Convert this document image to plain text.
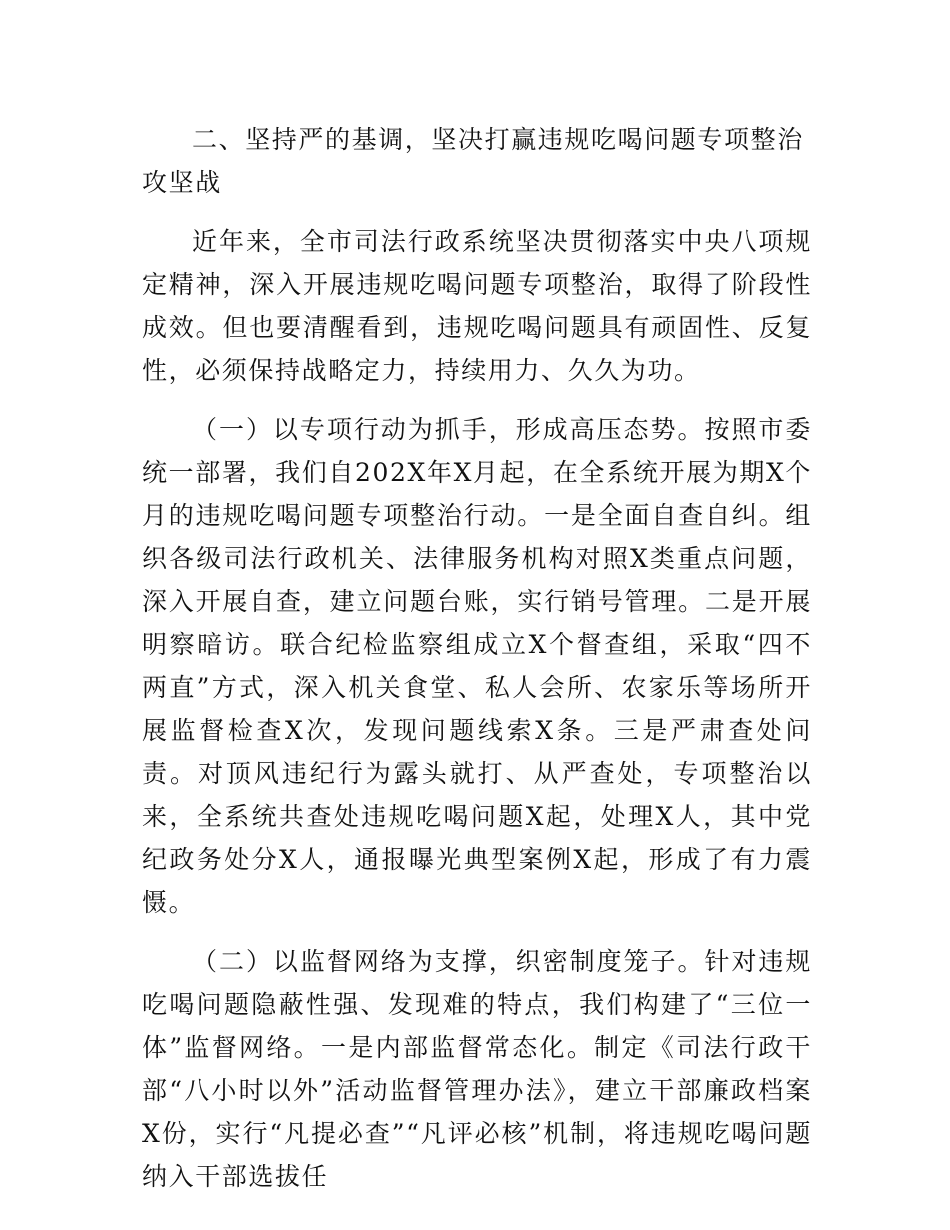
二、坚持严的基调，坚决打赢违规吃喝问题专项整治攻坚战

近年来，全市司法行政系统坚决贯彻落实中央八项规定精神，深入开展违规吃喝问题专项整治，取得了阶段性成效。但也要清醒看到，违规吃喝问题具有顽固性、反复性，必须保持战略定力，持续用力、久久为功。

（一）以专项行动为抓手，形成高压态势。按照市委统一部署，我们自202X年X月起，在全系统开展为期X个月的违规吃喝问题专项整治行动。一是全面自查自纠。组织各级司法行政机关、法律服务机构对照X类重点问题，深入开展自查，建立问题台账，实行销号管理。二是开展明察暗访。联合纪检监察组成立X个督查组，采取“四不两直”方式，深入机关食堂、私人会所、农家乐等场所开展监督检查X次，发现问题线索X条。三是严肃查处问责。对顶风违纪行为露头就打、从严查处，专项整治以来，全系统共查处违规吃喝问题X起，处理X人，其中党纪政务处分X人，通报曝光典型案例X起，形成了有力震慑。

（二）以监督网络为支撑，织密制度笼子。针对违规吃喝问题隐蔽性强、发现难的特点，我们构建了“三位一体”监督网络。一是内部监督常态化。制定《司法行政干部“八小时以外”活动监督管理办法》，建立干部廉政档案X份，实行“凡提必查”“凡评必核”机制，将违规吃喝问题纳入干部选拔任
